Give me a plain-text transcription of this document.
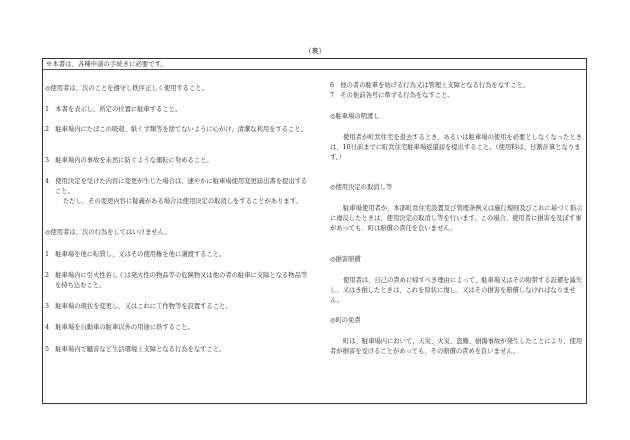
（裏）
※本書は、各種申請の手続きに必要です。

◎使用者は、次のことを遵守し秩序正しく使用すること。

1　本書を表示し、所定の位置に駐車すること。

2　駐車場内にたばこの吸殻、紙くず類等を捨てないように心がけ、清潔な利用をすること。

3　駐車場内の事故を未然に防ぐような運転に努めること。

4　使用決定を受けた内容に変更が生じた場合は、速やかに駐車場使用変更届出書を提出すること。

ただし、その変更内容に疑義がある場合は使用決定の取消しをすることがあります。

◎使用者は、次の行為をしてはいけません。

1　駐車場を他に転貸し、又はその使用権を他に譲渡すること。

2　駐車場内に引火性若しくは発火性の物品等の危険物又は他の者の駐車に支障となる物品等を持ち込むこと。

3　駐車場の現状を変更し、又はこれに工作物等を設置すること。

4　駐車場を自動車の駐車以外の用途に供すること。

5　駐車場内で騒音など生活環境上支障となる行為をなすこと。

6　他の者の駐車を妨げる行為又は管理上支障となる行為をなすこと。

7　その他前各号に準ずる行為をなすこと。

◎駐車場の明渡し

使用者が町営住宅を退去するとき、あるいは駐車場の使用を必要としなくなったときは、10日前までに町営住宅駐車場返還届を提出すること。（使用料は、日割計算となります。）

◎使用決定の取消し等

駐車場使用者が、本部町営住宅設置及び管理条例又は施行規則及びこれに基づく指示に違反したときは、使用決定の取消し等を行います。この場合、使用者に損害を及ぼす事があっても、町は賠償の責任を負いません。

◎損害賠償

使用者は、自己の責めに帰すべき理由によって、駐車場又はその附帯する設備を滅失し、又はき損したときは、これを原状に復し、又はその損害を賠償しなければなりません。

◎町の免責

町は、駐車場内において、天災、火災、盗難、損傷事故が発生したことにより、使用者が損害を受けることがあっても、その賠償の責めを負いません。
